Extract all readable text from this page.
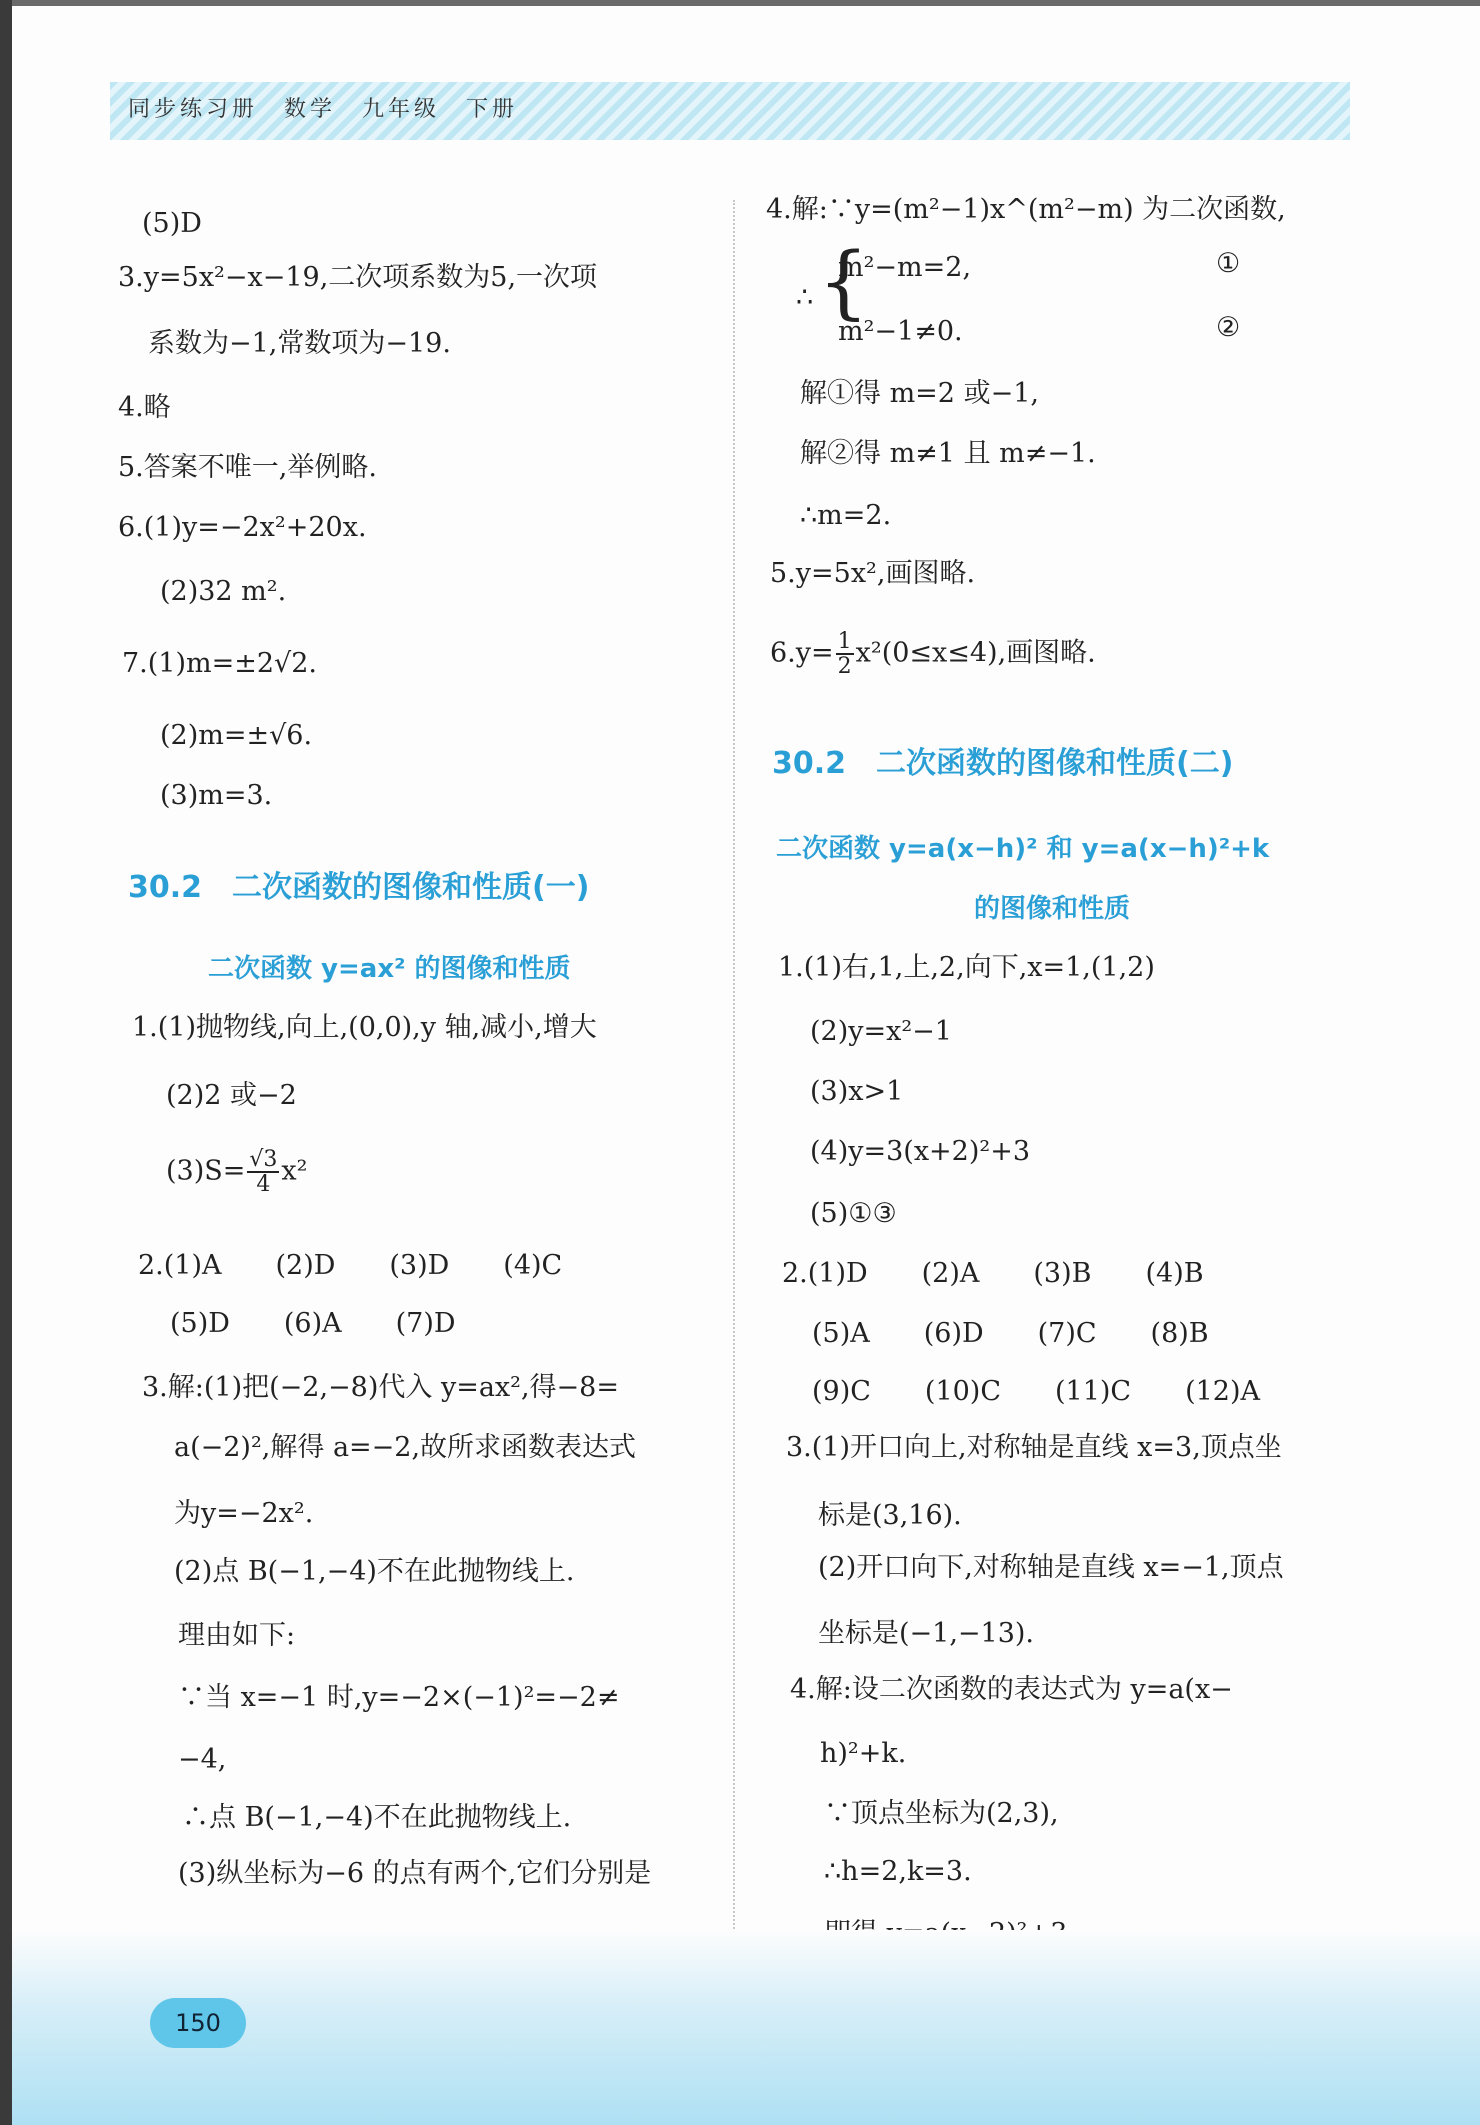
同步练习册　数学　九年级　下册
(5)D
3.y=5x²−x−19,二次项系数为5,一次项
系数为−1,常数项为−19.
4.略
5.答案不唯一,举例略.
6.(1)y=−2x²+20x.
(2)32 m².
7.(1)m=±2√2.
(2)m=±√6.
(3)m=3.
30.2　二次函数的图像和性质(一)
二次函数 y=ax² 的图像和性质
1.(1)抛物线,向上,(0,0),y 轴,减小,增大
(2)2 或−2
$(3)S= \frac{√3}{4} x^2$
2.(1)A　　(2)D　　(3)D　　(4)C
(5)D　　(6)A　　(7)D
3.解:(1)把(−2,−8)代入 y=ax²,得−8=
a(−2)²,解得 a=−2,故所求函数表达式
为y=−2x².
(2)点 B(−1,−4)不在此抛物线上.
理由如下:
∵当 x=−1 时,y=−2×(−1)²=−2≠
−4,
∴点 B(−1,−4)不在此抛物线上.
(3)纵坐标为−6 的点有两个,它们分别是
4.解:∵y=(m²−1)x^(m²−m) 为二次函数,
∴ {
m²−m=2,	①
m²−1≠0.	②
解①得 m=2 或−1,
解②得 m≠1 且 m≠−1.
∴m=2.
5.y=5x²,画图略.
$6.y= \frac{1}{2} x^2(0\le x\le 4)$,画图略.
30.2　二次函数的图像和性质(二)
二次函数 y=a(x−h)² 和 y=a(x−h)²+k
的图像和性质
1.(1)右,1,上,2,向下,x=1,(1,2)
(2)y=x²−1
(3)x>1
(4)y=3(x+2)²+3
(5)①③
2.(1)D　　(2)A　　(3)B　　(4)B
(5)A　　(6)D　　(7)C　　(8)B
(9)C　　(10)C　　(11)C　　(12)A
3.(1)开口向上,对称轴是直线 x=3,顶点坐
标是(3,16).
(2)开口向下,对称轴是直线 x=−1,顶点
坐标是(−1,−13).
4.解:设二次函数的表达式为 y=a(x−
h)²+k.
∵顶点坐标为(2,3),
∴h=2,k=3.
150
